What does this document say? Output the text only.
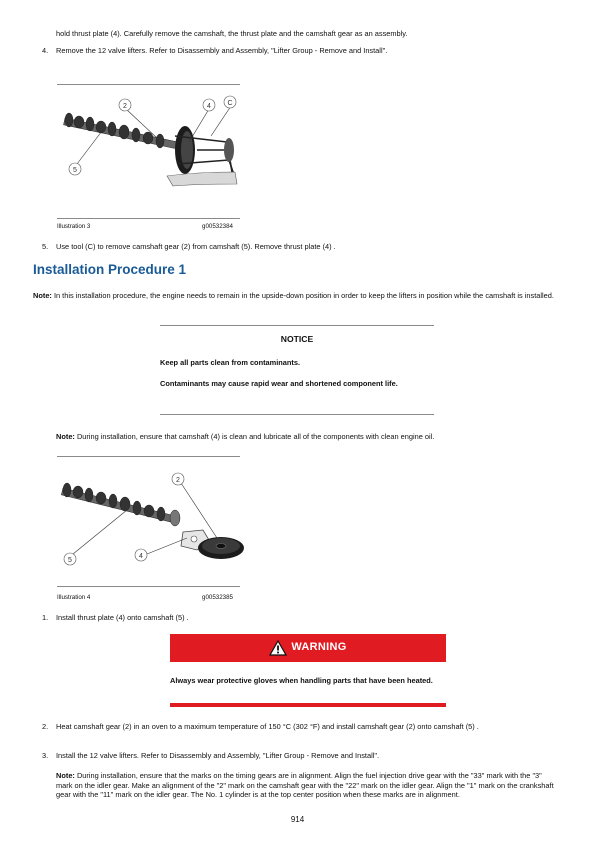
hold thrust plate (4). Carefully remove the camshaft, the thrust plate and the camshaft gear as an assembly.
4. Remove the 12 valve lifters. Refer to Disassembly and Assembly, "Lifter Group - Remove and Install".
2	4 C
5
Illustration 3	g00532384
5. Use tool (C) to remove camshaft gear (2) from camshaft (5). Remove thrust plate (4) .
Installation Procedure 1
Note: In this installation procedure, the engine needs to remain in the upside-down position in order to keep the lifters in position while the camshaft is installed.
NOTICE
Keep all parts clean from contaminants.
Contaminants may cause rapid wear and shortened component life.
Note: During installation, ensure that camshaft (4) is clean and lubricate all of the components with clean engine oil.
2
5
4
Illustration 4	g00532385
1. Install thrust plate (4) onto camshaft (5) .
WARNING
Always wear protective gloves when handling parts that have been heated.
2. Heat camshaft gear (2) in an oven to a maximum temperature of 150 °C (302 °F) and install camshaft gear (2) onto camshaft (5) .
3. Install the 12 valve lifters. Refer to Disassembly and Assembly, "Lifter Group - Remove and Install".
Note: During installation, ensure that the marks on the timing gears are in alignment. Align the fuel injection drive gear with the "33" mark with the "3" mark on the idler gear. Make an alignment of the "2" mark on the camshaft gear with the "22" mark on the idler gear. Align the "1" mark on the crankshaft gear with the "11" mark on the idler gear. The No. 1 cylinder is at the top center position when these marks are in alignment.
914
